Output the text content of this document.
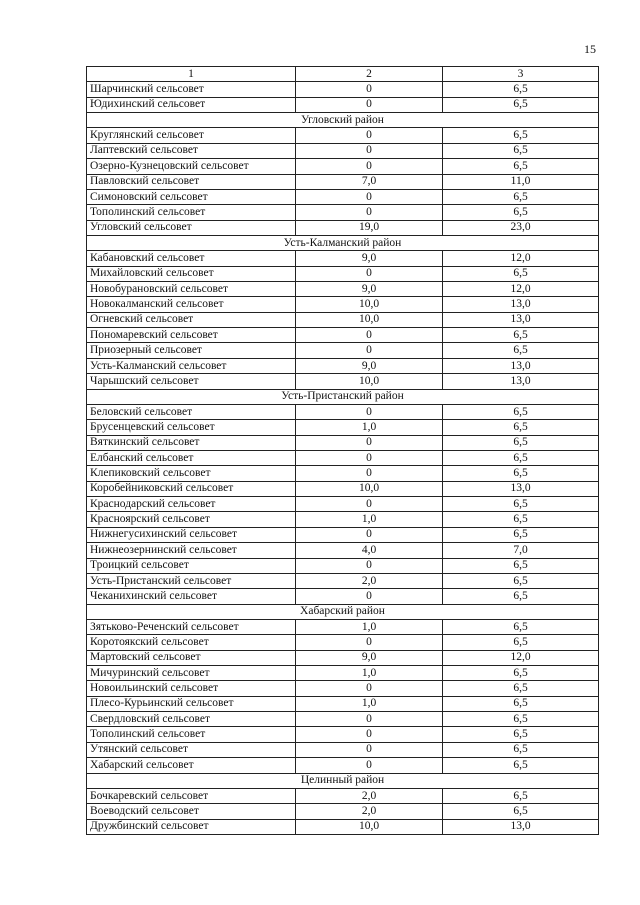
15
1	2	3
Шарчинский сельсовет	0	6,5
Юдихинский сельсовет	0	6,5
Угловский район		
Круглянский сельсовет	0	6,5
Лаптевский сельсовет	0	6,5
Озерно-Кузнецовский сельсовет	0	6,5
Павловский сельсовет	7,0	11,0
Симоновский сельсовет	0	6,5
Тополинский сельсовет	0	6,5
Угловский сельсовет	19,0	23,0
Усть-Калманский район		
Кабановский сельсовет	9,0	12,0
Михайловский сельсовет	0	6,5
Новобурановский сельсовет	9,0	12,0
Новокалманский сельсовет	10,0	13,0
Огневский сельсовет	10,0	13,0
Пономаревский сельсовет	0	6,5
Приозерный сельсовет	0	6,5
Усть-Калманский сельсовет	9,0	13,0
Чарышский сельсовет	10,0	13,0
Усть-Пристанский район		
Беловский сельсовет	0	6,5
Брусенцевский сельсовет	1,0	6,5
Вяткинский сельсовет	0	6,5
Елбанский сельсовет	0	6,5
Клепиковский сельсовет	0	6,5
Коробейниковский сельсовет	10,0	13,0
Краснодарский сельсовет	0	6,5
Красноярский сельсовет	1,0	6,5
Нижнегусихинский сельсовет	0	6,5
Нижнеозернинский сельсовет	4,0	7,0
Троицкий сельсовет	0	6,5
Усть-Пристанский сельсовет	2,0	6,5
Чеканихинский сельсовет	0	6,5
Хабарский район		
Зятьково-Реченский сельсовет	1,0	6,5
Коротоякский сельсовет	0	6,5
Мартовский сельсовет	9,0	12,0
Мичуринский сельсовет	1,0	6,5
Новоильинский сельсовет	0	6,5
Плесо-Курьинский сельсовет	1,0	6,5
Свердловский сельсовет	0	6,5
Тополинский сельсовет	0	6,5
Утянский сельсовет	0	6,5
Хабарский сельсовет	0	6,5
Целинный район		
Бочкаревский сельсовет	2,0	6,5
Воеводский сельсовет	2,0	6,5
Дружбинский сельсовет	10,0	13,0
